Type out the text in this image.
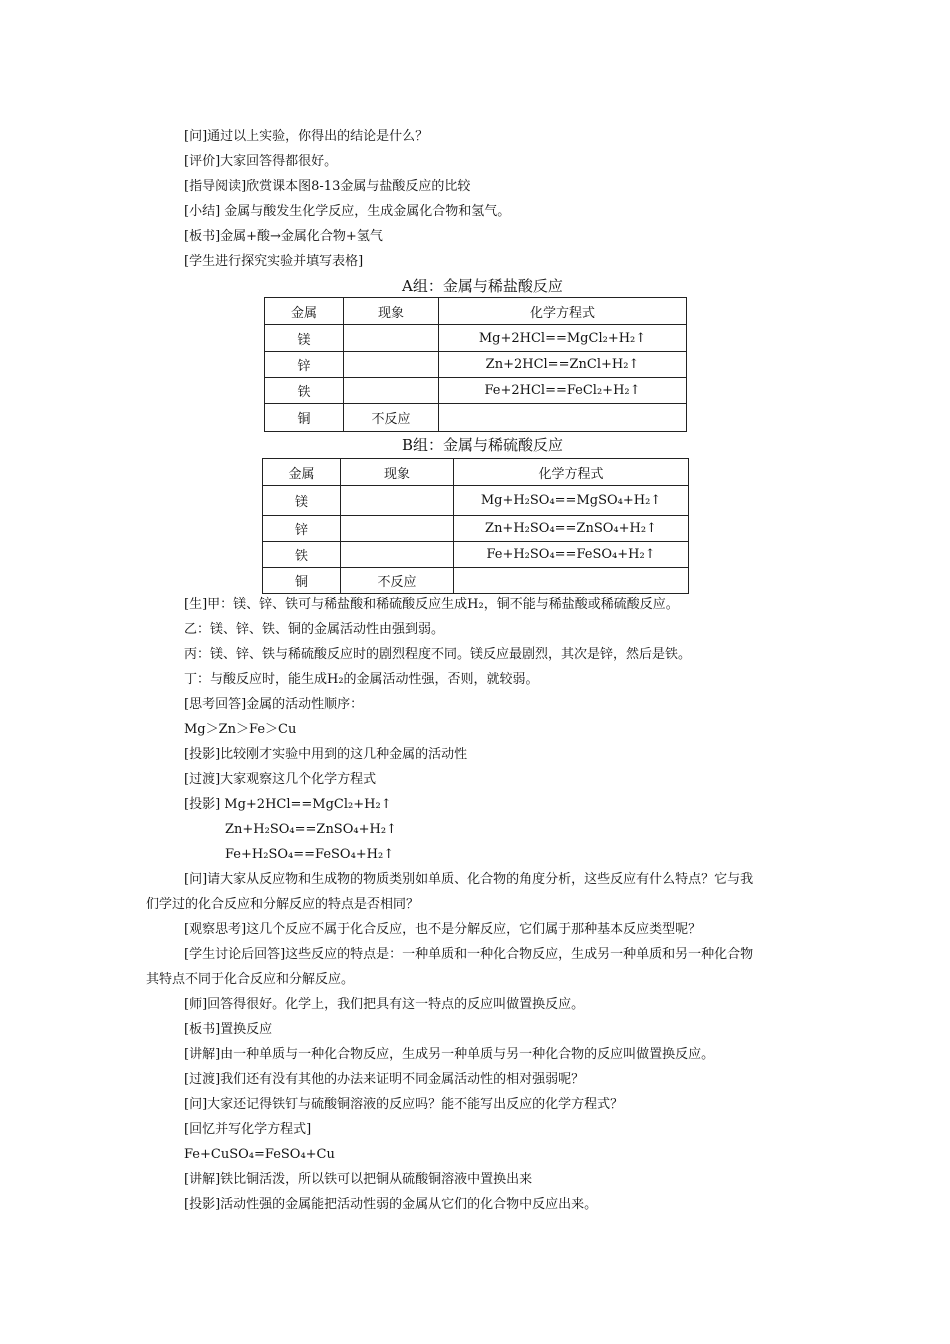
[问]通过以上实验，你得出的结论是什么？
[评价]大家回答得都很好。
[指导阅读]欣赏课本图8-13金属与盐酸反应的比较
[小结] 金属与酸发生化学反应，生成金属化合物和氢气。
[板书]金属+酸→金属化合物+氢气
[学生进行探究实验并填写表格]
A组：金属与稀盐酸反应
金属	现象	化学方程式
镁		Mg+2HCl==MgCl₂+H₂↑
锌		Zn+2HCl==ZnCl+H₂↑
铁		Fe+2HCl==FeCl₂+H₂↑
铜	不反应	
B组：金属与稀硫酸反应
金属	现象	化学方程式
镁		Mg+H₂SO₄==MgSO₄+H₂↑
锌		Zn+H₂SO₄==ZnSO₄+H₂↑
铁		Fe+H₂SO₄==FeSO₄+H₂↑
铜	不反应	
[生]甲：镁、锌、铁可与稀盐酸和稀硫酸反应生成H₂，铜不能与稀盐酸或稀硫酸反应。
乙：镁、锌、铁、铜的金属活动性由强到弱。
丙：镁、锌、铁与稀硫酸反应时的剧烈程度不同。镁反应最剧烈，其次是锌，然后是铁。
丁：与酸反应时，能生成H₂的金属活动性强，否则，就较弱。
[思考回答]金属的活动性顺序：
Mg＞Zn＞Fe＞Cu
[投影]比较刚才实验中用到的这几种金属的活动性
[过渡]大家观察这几个化学方程式
[投影] Mg+2HCl==MgCl₂+H₂↑
Zn+H₂SO₄==ZnSO₄+H₂↑
Fe+H₂SO₄==FeSO₄+H₂↑
[问]请大家从反应物和生成物的物质类别如单质、化合物的角度分析，这些反应有什么特点？它与我
们学过的化合反应和分解反应的特点是否相同？
[观察思考]这几个反应不属于化合反应，也不是分解反应，它们属于那种基本反应类型呢？
[学生讨论后回答]这些反应的特点是：一种单质和一种化合物反应，生成另一种单质和另一种化合物
其特点不同于化合反应和分解反应。
[师]回答得很好。化学上，我们把具有这一特点的反应叫做置换反应。
[板书]置换反应
[讲解]由一种单质与一种化合物反应，生成另一种单质与另一种化合物的反应叫做置换反应。
[过渡]我们还有没有其他的办法来证明不同金属活动性的相对强弱呢？
[问]大家还记得铁钉与硫酸铜溶液的反应吗？能不能写出反应的化学方程式？
[回忆并写化学方程式]
Fe+CuSO₄=FeSO₄+Cu
[讲解]铁比铜活泼，所以铁可以把铜从硫酸铜溶液中置换出来
[投影]活动性强的金属能把活动性弱的金属从它们的化合物中反应出来。
